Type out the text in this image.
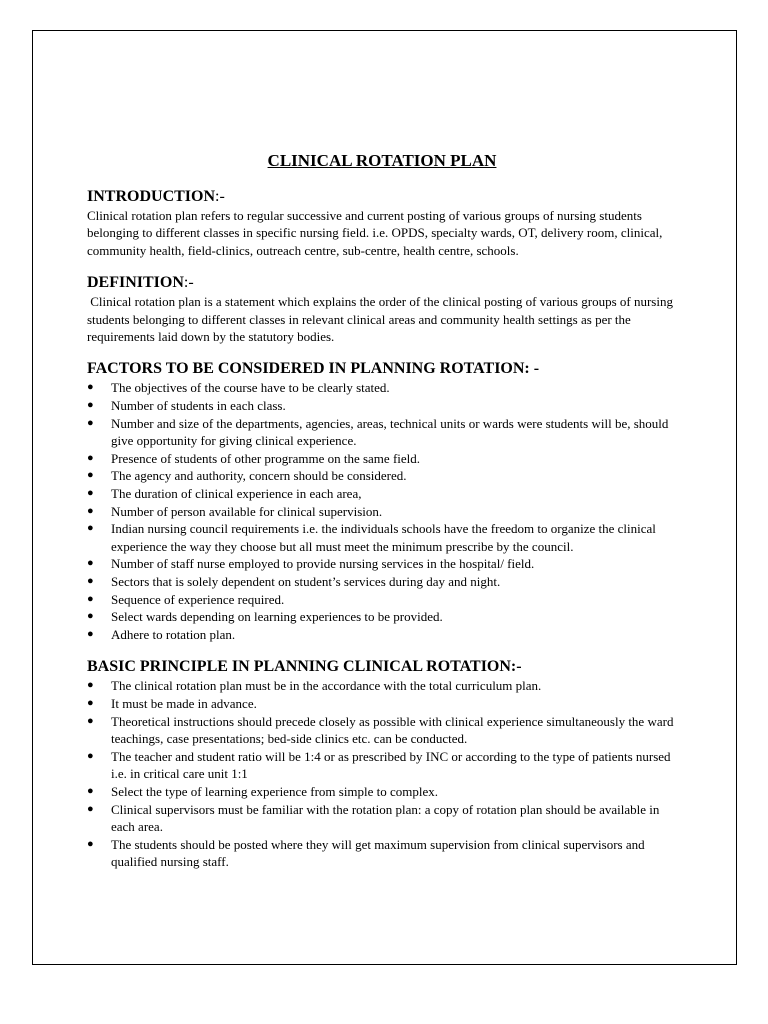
CLINICAL ROTATION PLAN
INTRODUCTION:-

Clinical rotation plan refers to regular successive and current posting of various groups of nursing students belonging to different classes in specific nursing field. i.e. OPDS, specialty wards, OT, delivery room, clinical, community health, field-clinics, outreach centre, sub-centre, health centre, schools.

DEFINITION:-

Clinical rotation plan is a statement which explains the order of the clinical posting of various groups of nursing students belonging to different classes in relevant clinical areas and community health settings as per the requirements laid down by the statutory bodies.

FACTORS TO BE CONSIDERED IN PLANNING ROTATION: -
●	The objectives of the course have to be clearly stated.
●	Number of students in each class.
●	Number and size of the departments, agencies, areas, technical units or wards were students will be, should give opportunity for giving clinical experience.
●	Presence of students of other programme on the same field.
●	The agency and authority, concern should be considered.
●	The duration of clinical experience in each area,
●	Number of person available for clinical supervision.
●	Indian nursing council requirements i.e. the individuals schools have the freedom to organize the clinical experience the way they choose but all must meet the minimum prescribe by the council.
●	Number of staff nurse employed to provide nursing services in the hospital/ field.
●	Sectors that is solely dependent on student’s services during day and night.
●	Sequence of experience required.
●	Select wards depending on learning experiences to be provided.
●	Adhere to rotation plan.
BASIC PRINCIPLE IN PLANNING CLINICAL ROTATION:-
●	The clinical rotation plan must be in the accordance with the total curriculum plan.
●	It must be made in advance.
●	Theoretical instructions should precede closely as possible with clinical experience simultaneously the ward teachings, case presentations; bed-side clinics etc. can be conducted.
●	The teacher and student ratio will be 1:4 or as prescribed by INC or according to the type of patients nursed i.e. in critical care unit 1:1
●	Select the type of learning experience from simple to complex.
●	Clinical supervisors must be familiar with the rotation plan: a copy of rotation plan should be available in each area.
●	The students should be posted where they will get maximum supervision from clinical supervisors and qualified nursing staff.
